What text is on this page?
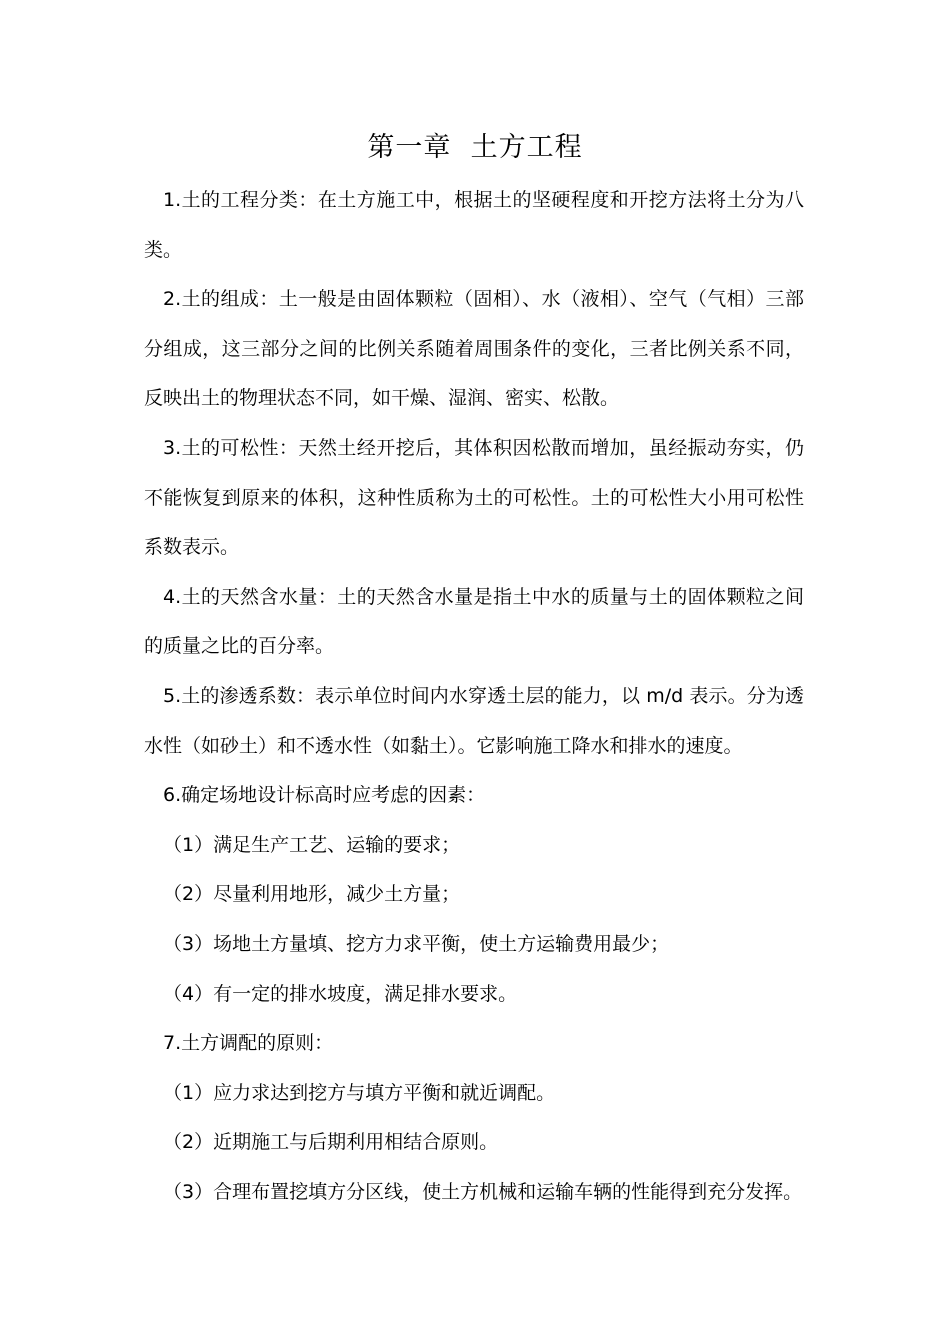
第一章  土方工程

1.土的工程分类：在土方施工中，根据土的坚硬程度和开挖方法将土分为八类。

2.土的组成：土一般是由固体颗粒（固相）、水（液相）、空气（气相）三部分组成，这三部分之间的比例关系随着周围条件的变化，三者比例关系不同，反映出土的物理状态不同，如干燥、湿润、密实、松散。

3.土的可松性：天然土经开挖后，其体积因松散而增加，虽经振动夯实，仍不能恢复到原来的体积，这种性质称为土的可松性。土的可松性大小用可松性系数表示。

4.土的天然含水量：土的天然含水量是指土中水的质量与土的固体颗粒之间的质量之比的百分率。

5.土的渗透系数：表示单位时间内水穿透土层的能力，以 m/d 表示。分为透水性（如砂土）和不透水性（如黏土）。它影响施工降水和排水的速度。

6.确定场地设计标高时应考虑的因素：

（1）满足生产工艺、运输的要求；

（2）尽量利用地形，减少土方量；

（3）场地土方量填、挖方力求平衡，使土方运输费用最少；

（4）有一定的排水坡度，满足排水要求。

7.土方调配的原则：

（1）应力求达到挖方与填方平衡和就近调配。

（2）近期施工与后期利用相结合原则。

（3）合理布置挖填方分区线，使土方机械和运输车辆的性能得到充分发挥。
